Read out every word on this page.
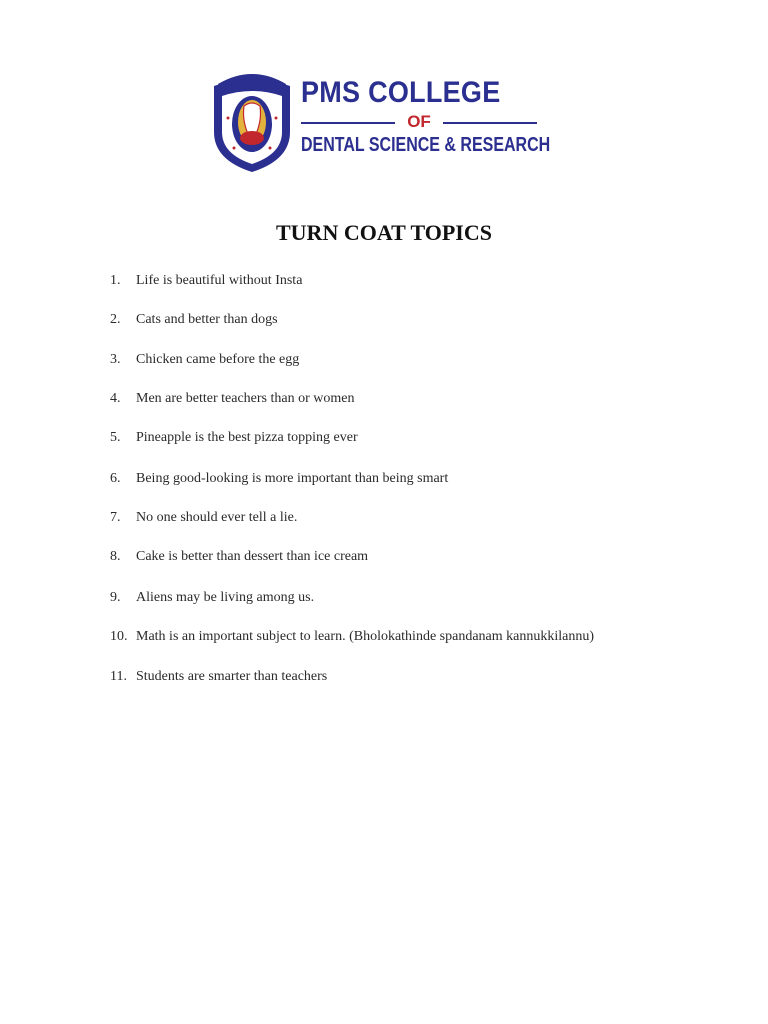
PMS COLLEGE
OF
DENTAL SCIENCE & RESEARCH
TURN COAT TOPICS
1. Life is beautiful without Insta
2. Cats and better than dogs
3. Chicken came before the egg
4. Men are better teachers than or women
5. Pineapple is the best pizza topping ever
6. Being good-looking is more important than being smart
7. No one should ever tell a lie.
8. Cake is better than dessert than ice cream
9. Aliens may be living among us.
10. Math is an important subject to learn. (Bholokathinde spandanam kannukkilannu)
11. Students are smarter than teachers
